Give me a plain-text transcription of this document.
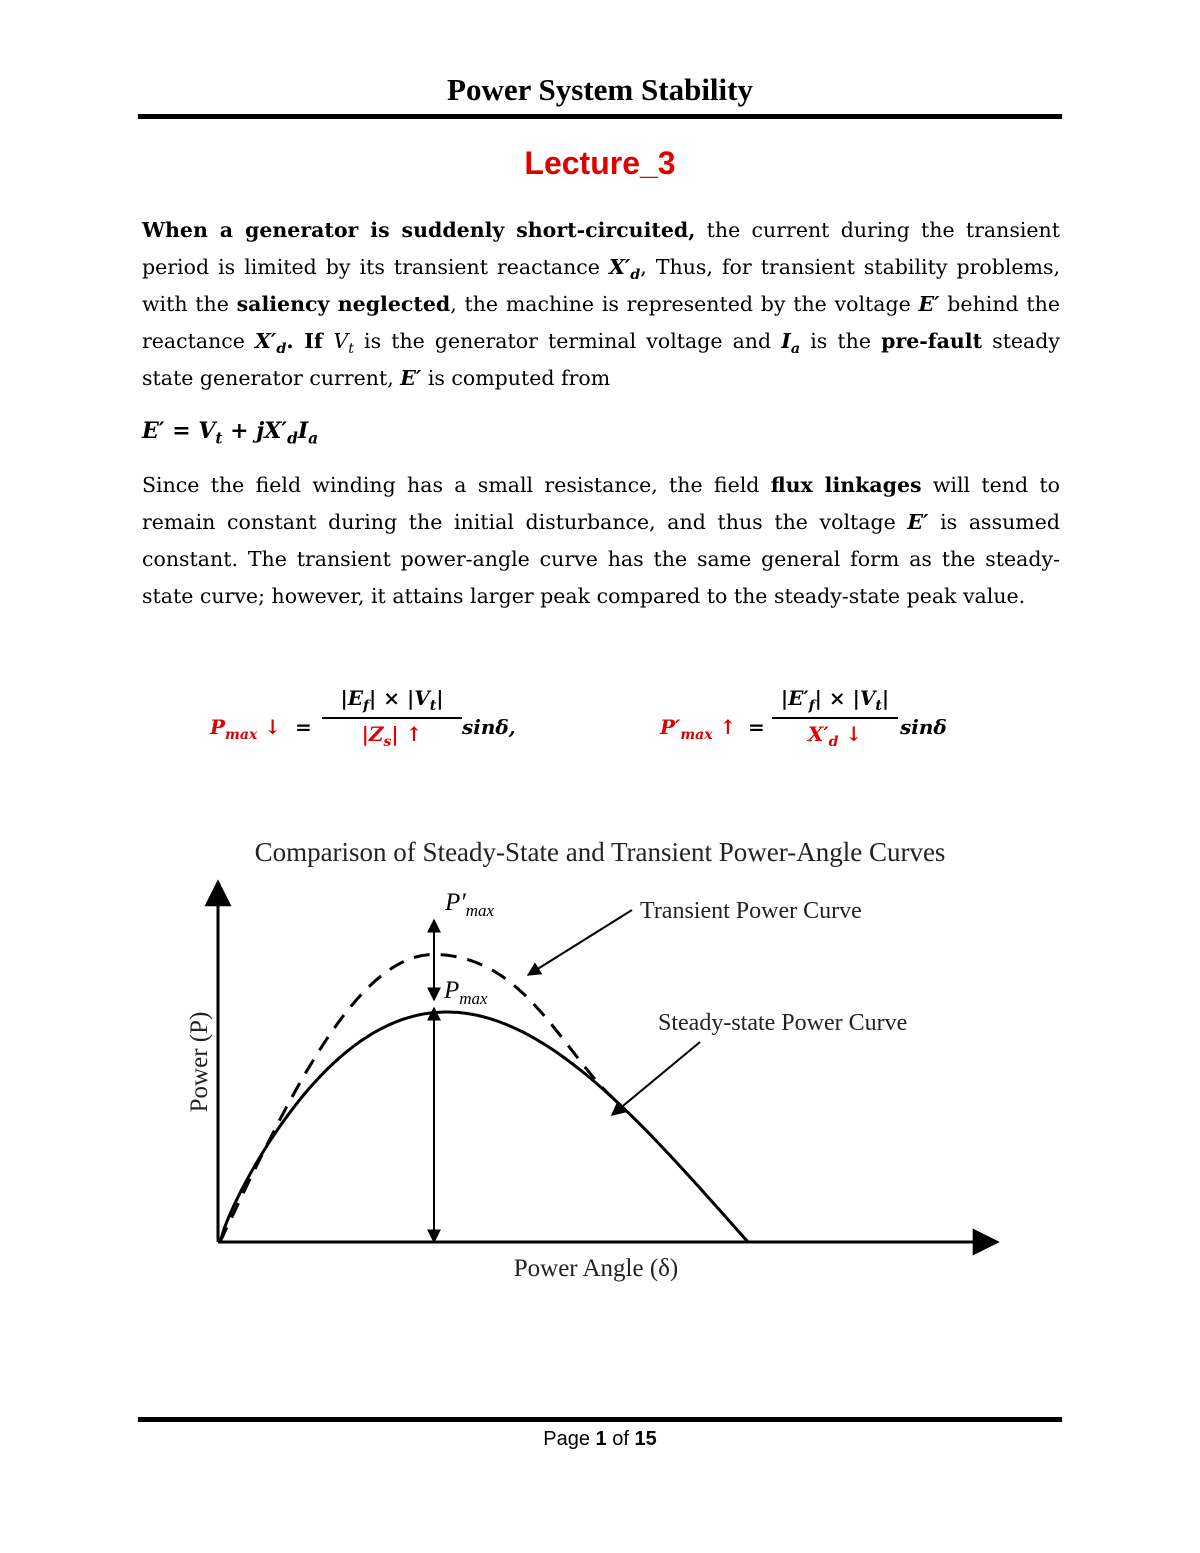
Power System Stability
Lecture_3

When a generator is suddenly short-circuited, the current during the transient period is limited by its transient reactance $X'_d$, Thus, for transient stability problems, with the saliency neglected, the machine is represented by the voltage E′ behind the reactance $X'_d$. If $V_t$ is the generator terminal voltage and $I_a$ is the pre-fault steady state generator current, E′ is computed from

$E' = V_t + jX'_dI_a$

Since the field winding has a small resistance, the field flux linkages will tend to remain constant during the initial disturbance, and thus the voltage E′ is assumed constant. The transient power-angle curve has the same general form as the steady-state curve; however, it attains larger peak compared to the steady-state peak value.

$P_{max}$ ↓ = $\frac{|E_f| \times |V_t|}{|Z_s| ↑} \sin\delta$,	$P'_{max}$ ↑ = $\frac{|E'_f| \times |V_t|}{X'_d ↓}$ sinδ
Comparison of Steady-State and Transient Power-Angle Curves
$P'_{max}$
$P_{max}$
Transient Power Curve
Steady-state Power Curve
Power (P)
Power Angle (δ)
Page 1 of 15
